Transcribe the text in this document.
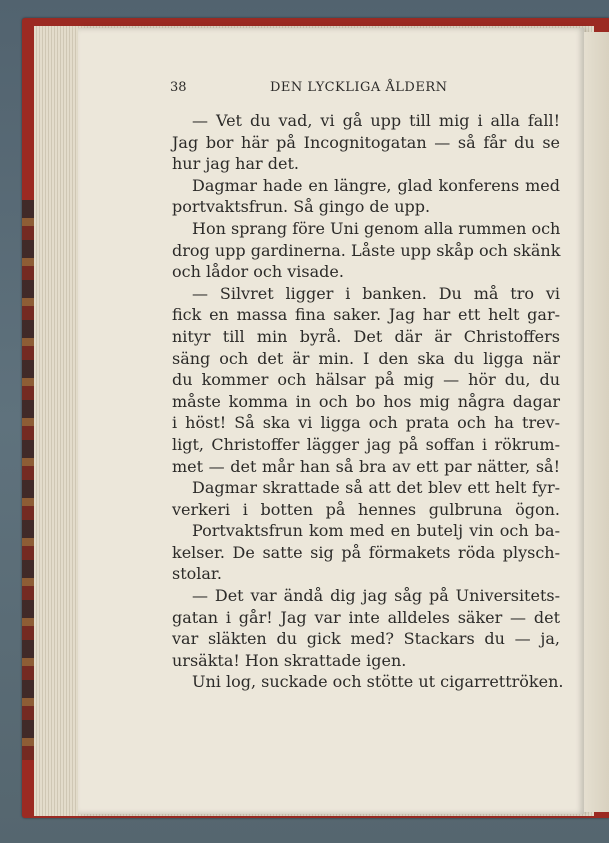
38	DEN LYCKLIGA ÅLDERN
— Vet du vad, vi gå upp till mig i alla fall!
Jag bor här på Incognitogatan — så får du se
hur jag har det.
Dagmar hade en längre, glad konferens med
portvaktsfrun. Så gingo de upp.
Hon sprang före Uni genom alla rummen och
drog upp gardinerna. Låste upp skåp och skänk
och lådor och visade.
— Silvret ligger i banken. Du må tro vi
fick en massa fina saker. Jag har ett helt gar-
nityr till min byrå. Det där är Christoffers
säng och det är min. I den ska du ligga när
du kommer och hälsar på mig — hör du, du
måste komma in och bo hos mig några dagar
i höst! Så ska vi ligga och prata och ha trev-
ligt, Christoffer lägger jag på soffan i rökrum-
met — det mår han så bra av ett par nätter, så!
Dagmar skrattade så att det blev ett helt fyr-
verkeri i botten på hennes gulbruna ögon.
Portvaktsfrun kom med en butelj vin och ba-
kelser. De satte sig på förmakets röda plysch-
stolar.
— Det var ändå dig jag såg på Universitets-
gatan i går! Jag var inte alldeles säker — det
var släkten du gick med? Stackars du — ja,
ursäkta! Hon skrattade igen.
Uni log, suckade och stötte ut cigarrettröken.
